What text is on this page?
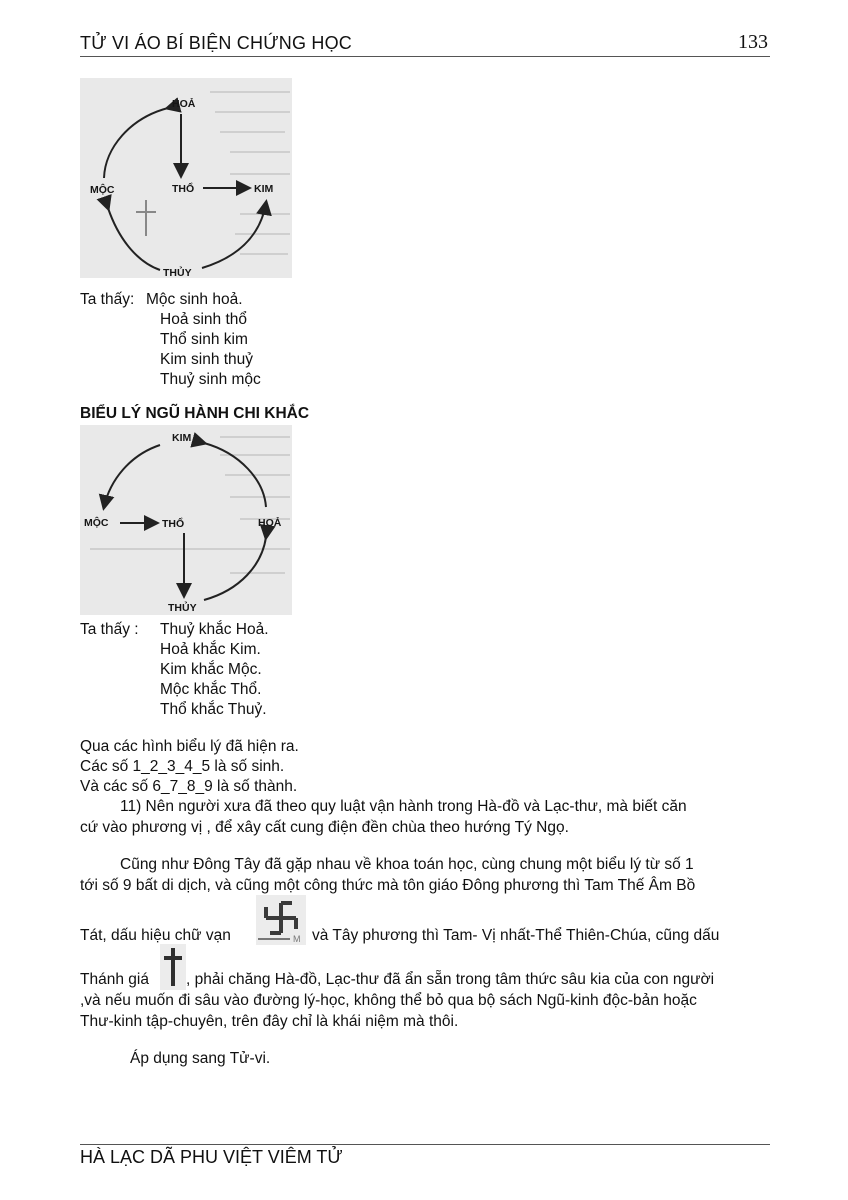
TỬ VI ÁO BÍ BIỆN CHỨNG HỌC	133
HOẢ
THỔ	KIM
MỘC
THỦY
Ta thấy: Mộc sinh hoả.
Hoả sinh thổ
Thổ sinh kim
Kim sinh thuỷ
Thuỷ sinh mộc
BIỂU LÝ NGŨ HÀNH CHI KHẮC
KIM
THỔ	HOẢ
MỘC
THỦY
Ta thấy : Thuỷ khắc Hoả.
Hoả khắc Kim.
Kim khắc Mộc.
Mộc khắc Thổ.
Thổ khắc Thuỷ.
Qua các hình biểu lý đã hiện ra.
Các số 1_2_3_4_5 là số sinh.
Và các số 6_7_8_9 là số thành.
11) Nên người xưa đã theo quy luật vận hành trong Hà-đồ và Lạc-thư, mà biết căn
cứ vào phương vị , để xây cất cung điện đền chùa theo hướng Tý Ngọ.
Cũng như Đông Tây đã gặp nhau về khoa toán học, cùng chung một biểu lý từ số 1
tới số 9 bất di dịch, và cũng một công thức mà tôn giáo Đông phương thì Tam Thế Âm Bồ
Tát, dấu hiệu chữ vạn	M và Tây phương thì Tam- Vị nhất-Thể Thiên-Chúa, cũng dấu
Thánh giá , phải chăng Hà-đồ, Lạc-thư đã ẩn sẵn trong tâm thức sâu kia của con người
,và nếu muốn đi sâu vào đường lý-học, không thể bỏ qua bộ sách Ngũ-kinh độc-bản hoặc
Thư-kinh tập-chuyên, trên đây chỉ là khái niệm mà thôi.
Áp dụng sang Tử-vi.
HÀ LẠC DÃ PHU VIỆT VIÊM TỬ
